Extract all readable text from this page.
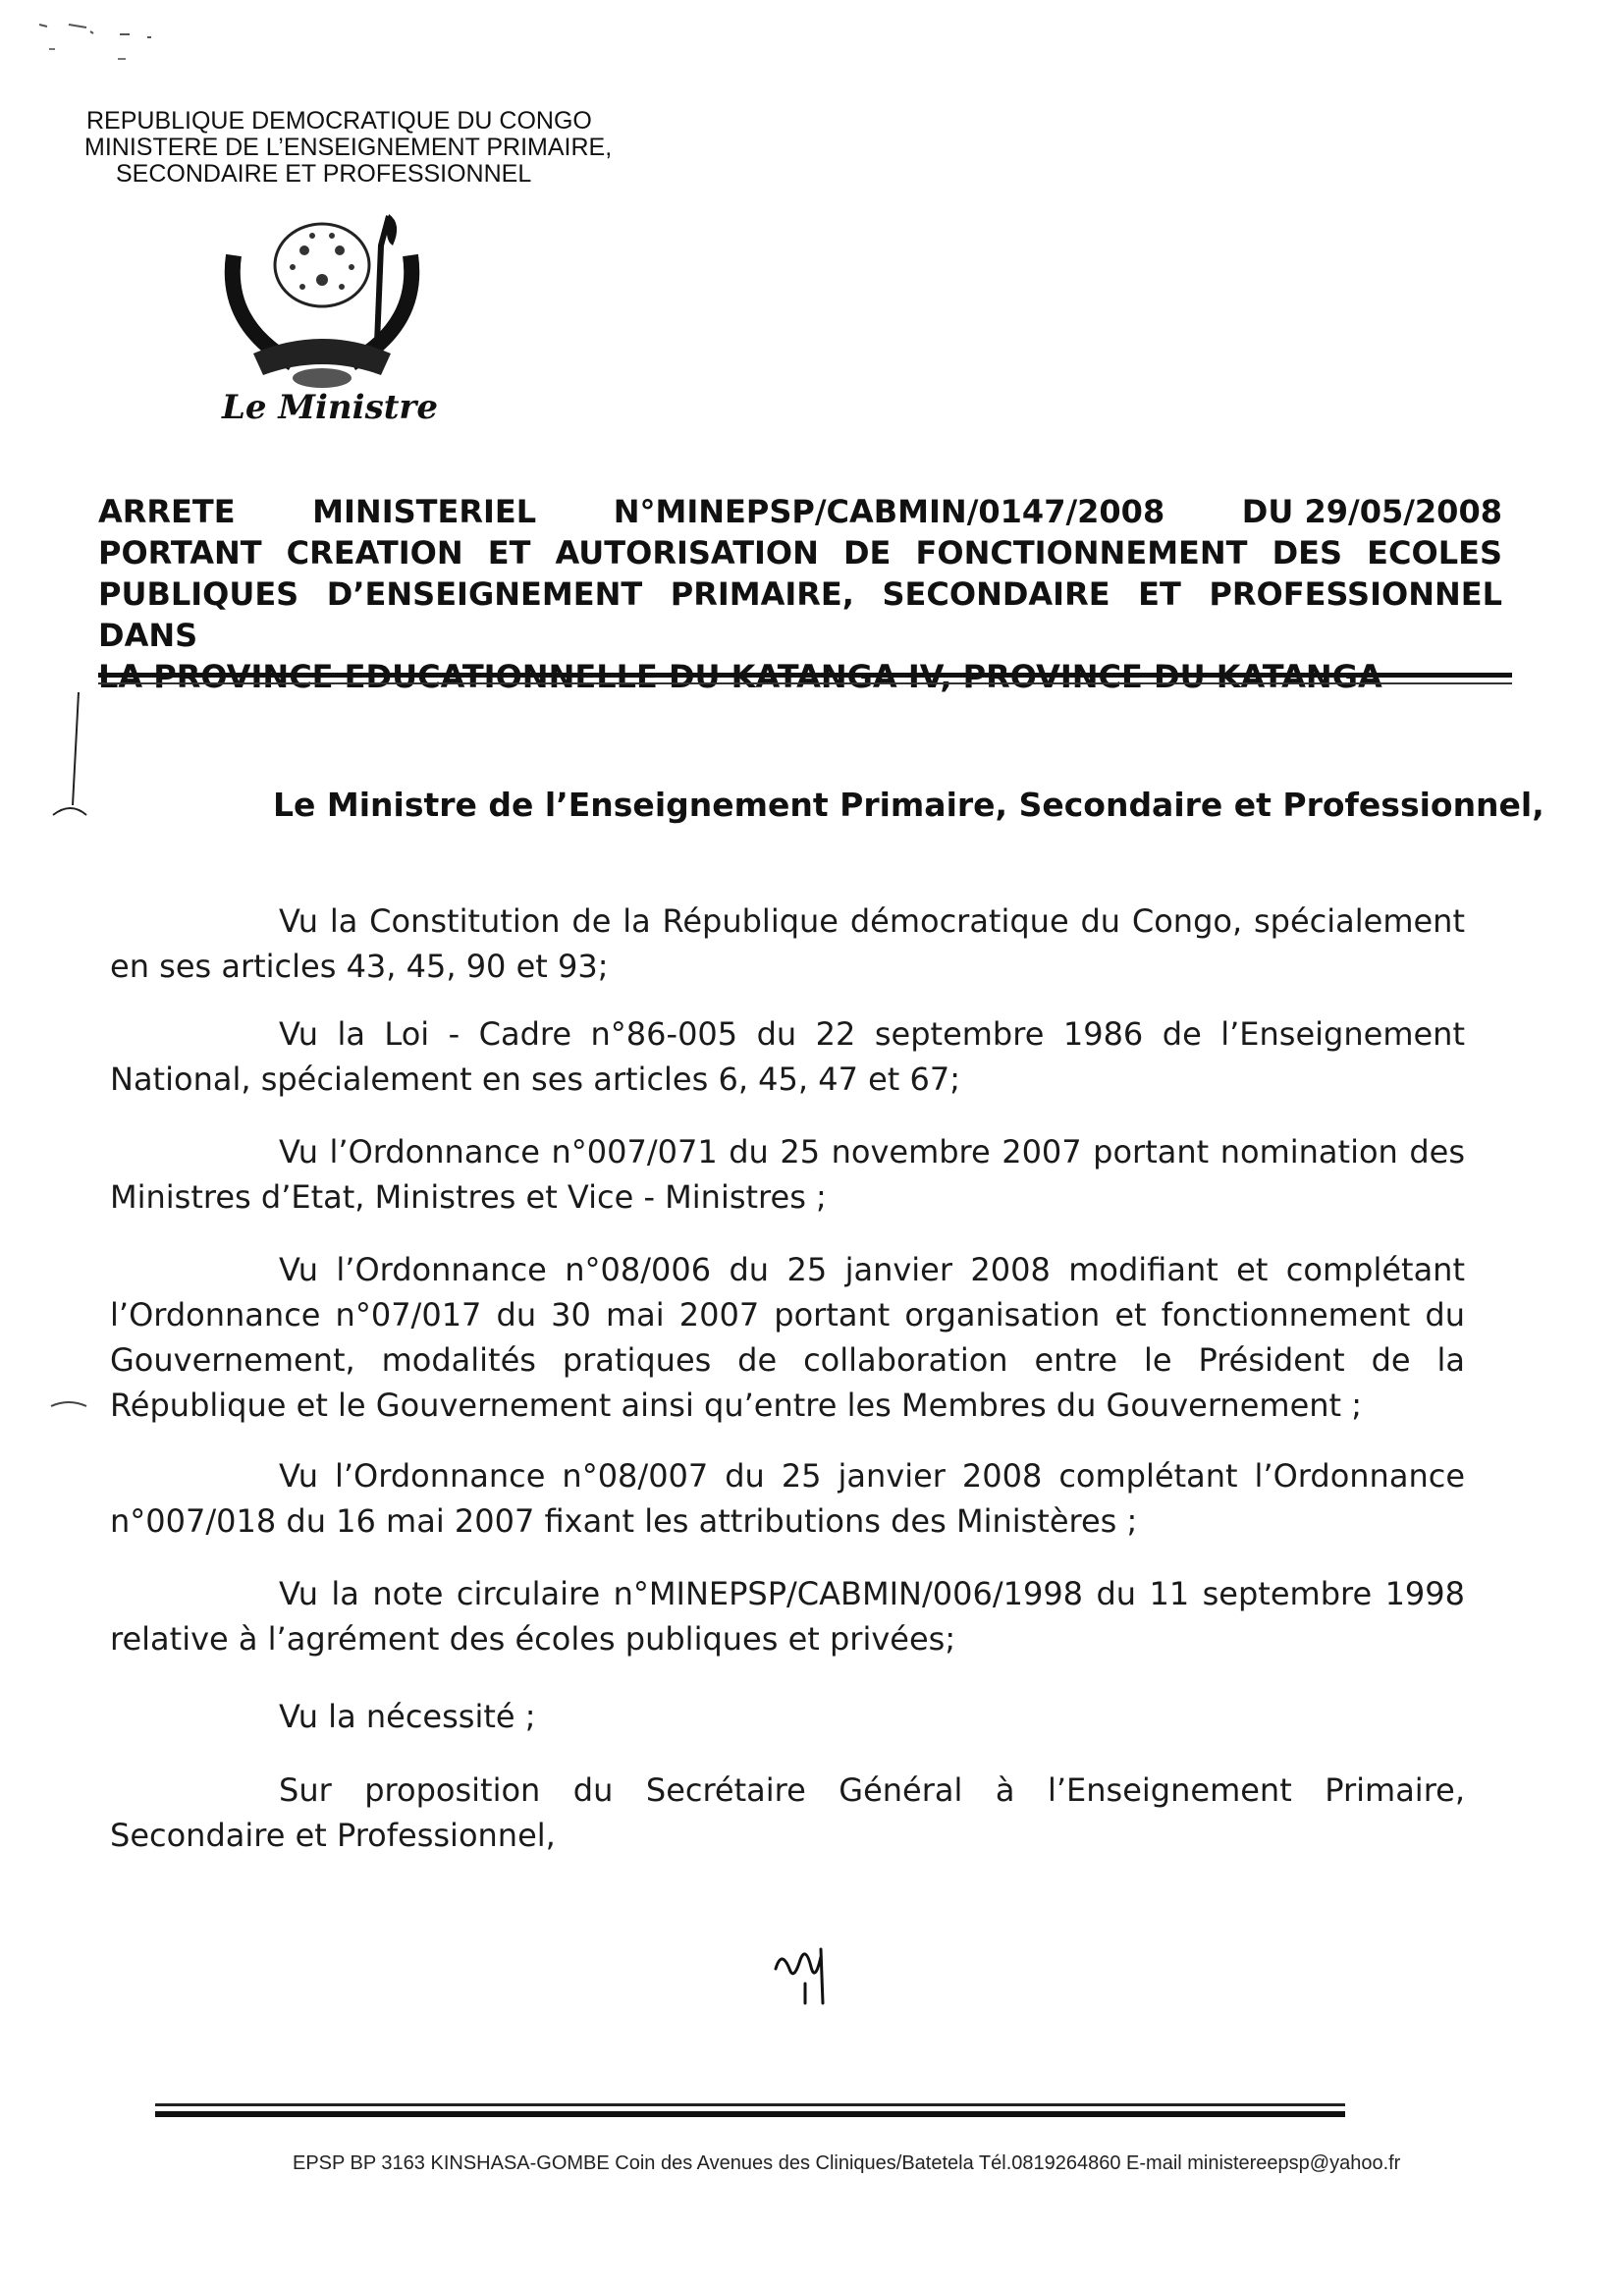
REPUBLIQUE DEMOCRATIQUE DU CONGO
MINISTERE DE L’ENSEIGNEMENT PRIMAIRE,
SECONDAIRE ET PROFESSIONNEL
Le Ministre
ARRETE MINISTERIEL N°MINEPSP/CABMIN/0147/2008 DU 29/05/2008
PORTANT CREATION ET AUTORISATION DE FONCTIONNEMENT DES ECOLES
PUBLIQUES D’ENSEIGNEMENT PRIMAIRE, SECONDAIRE ET PROFESSIONNEL DANS
Le Ministre de l’Enseignement Primaire, Secondaire et Professionnel,
Vu la Constitution de la République démocratique du Congo, spécialement en ses articles 43, 45, 90 et 93;
Vu la Loi - Cadre n°86-005 du 22 septembre 1986 de l’Enseignement National, spécialement en ses articles 6, 45, 47 et 67;
Vu l’Ordonnance n°007/071 du 25 novembre 2007 portant nomination des Ministres d’Etat, Ministres et Vice - Ministres ;
Vu l’Ordonnance n°08/006 du 25 janvier 2008 modifiant et complétant l’Ordonnance n°07/017 du 30 mai 2007 portant organisation et fonctionnement du Gouvernement, modalités pratiques de collaboration entre le Président de la République et le Gouvernement ainsi qu’entre les Membres du Gouvernement ;
Vu l’Ordonnance n°08/007 du 25 janvier 2008 complétant l’Ordonnance n°007/018 du 16 mai 2007 fixant les attributions des Ministères ;
Vu la note circulaire n°MINEPSP/CABMIN/006/1998 du 11 septembre 1998 relative à l’agrément des écoles publiques et privées;
Vu la nécessité ;
Sur proposition du Secrétaire Général à l’Enseignement Primaire, Secondaire et Professionnel,
EPSP BP 3163 KINSHASA-GOMBE Coin des Avenues des Cliniques/Batetela Tél.0819264860 E-mail ministereepsp@yahoo.fr
